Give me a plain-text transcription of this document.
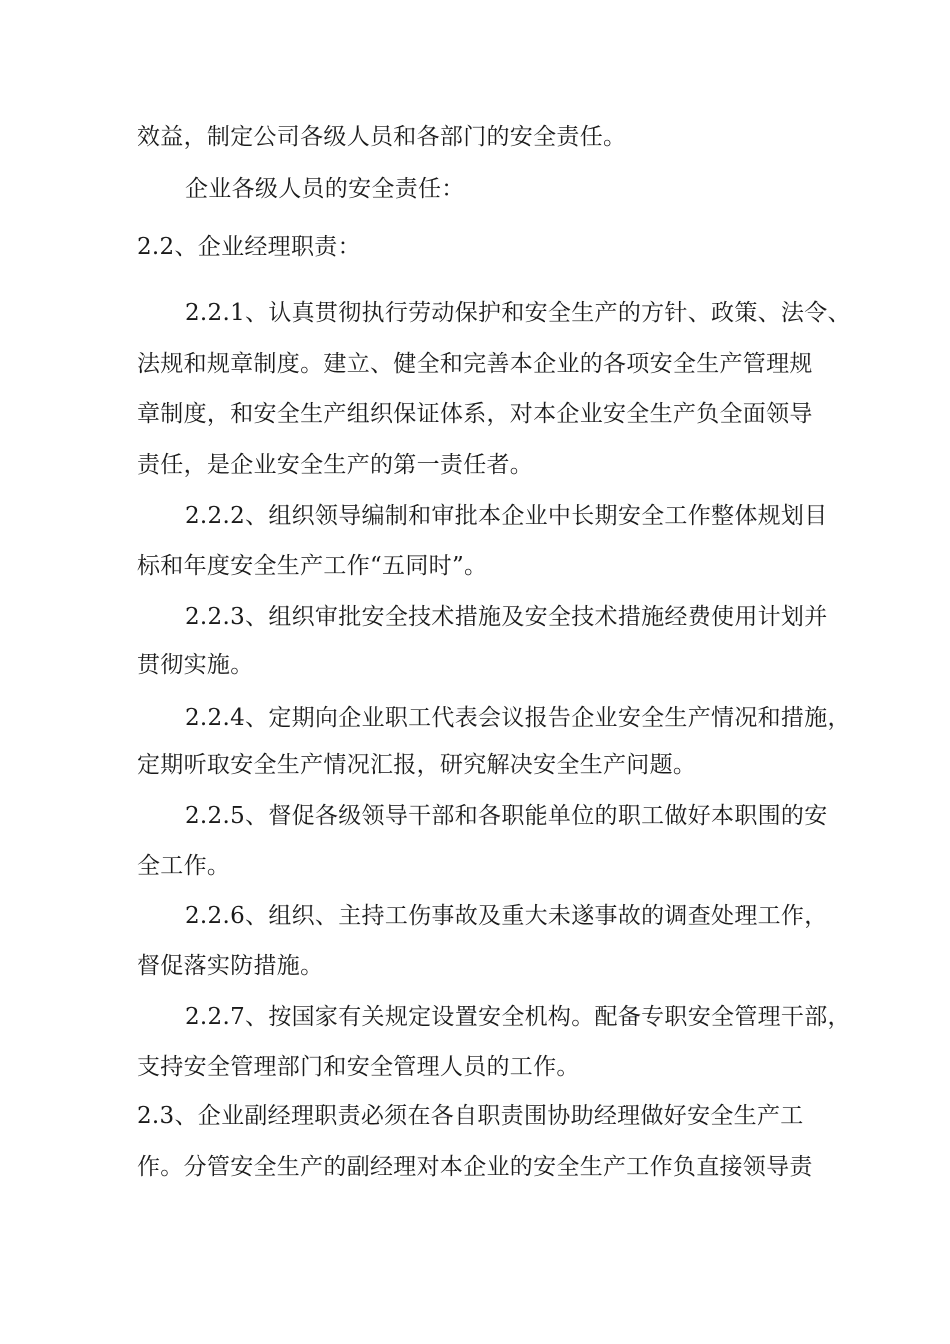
效益，制定公司各级人员和各部门的安全责任。
企业各级人员的安全责任：
2.2、企业经理职责：
2.2.1、认真贯彻执行劳动保护和安全生产的方针、政策、法令、
法规和规章制度。建立、健全和完善本企业的各项安全生产管理规
章制度，和安全生产组织保证体系，对本企业安全生产负全面领导
责任，是企业安全生产的第一责任者。
2.2.2、组织领导编制和审批本企业中长期安全工作整体规划目
标和年度安全生产工作“五同时”。
2.2.3、组织审批安全技术措施及安全技术措施经费使用计划并
贯彻实施。
2.2.4、定期向企业职工代表会议报告企业安全生产情况和措施，
定期听取安全生产情况汇报，研究解决安全生产问题。
2.2.5、督促各级领导干部和各职能单位的职工做好本职围的安
全工作。
2.2.6、组织、主持工伤事故及重大未遂事故的调查处理工作，
督促落实防措施。
2.2.7、按国家有关规定设置安全机构。配备专职安全管理干部，
支持安全管理部门和安全管理人员的工作。
2.3、企业副经理职责必须在各自职责围协助经理做好安全生产工
作。分管安全生产的副经理对本企业的安全生产工作负直接领导责
